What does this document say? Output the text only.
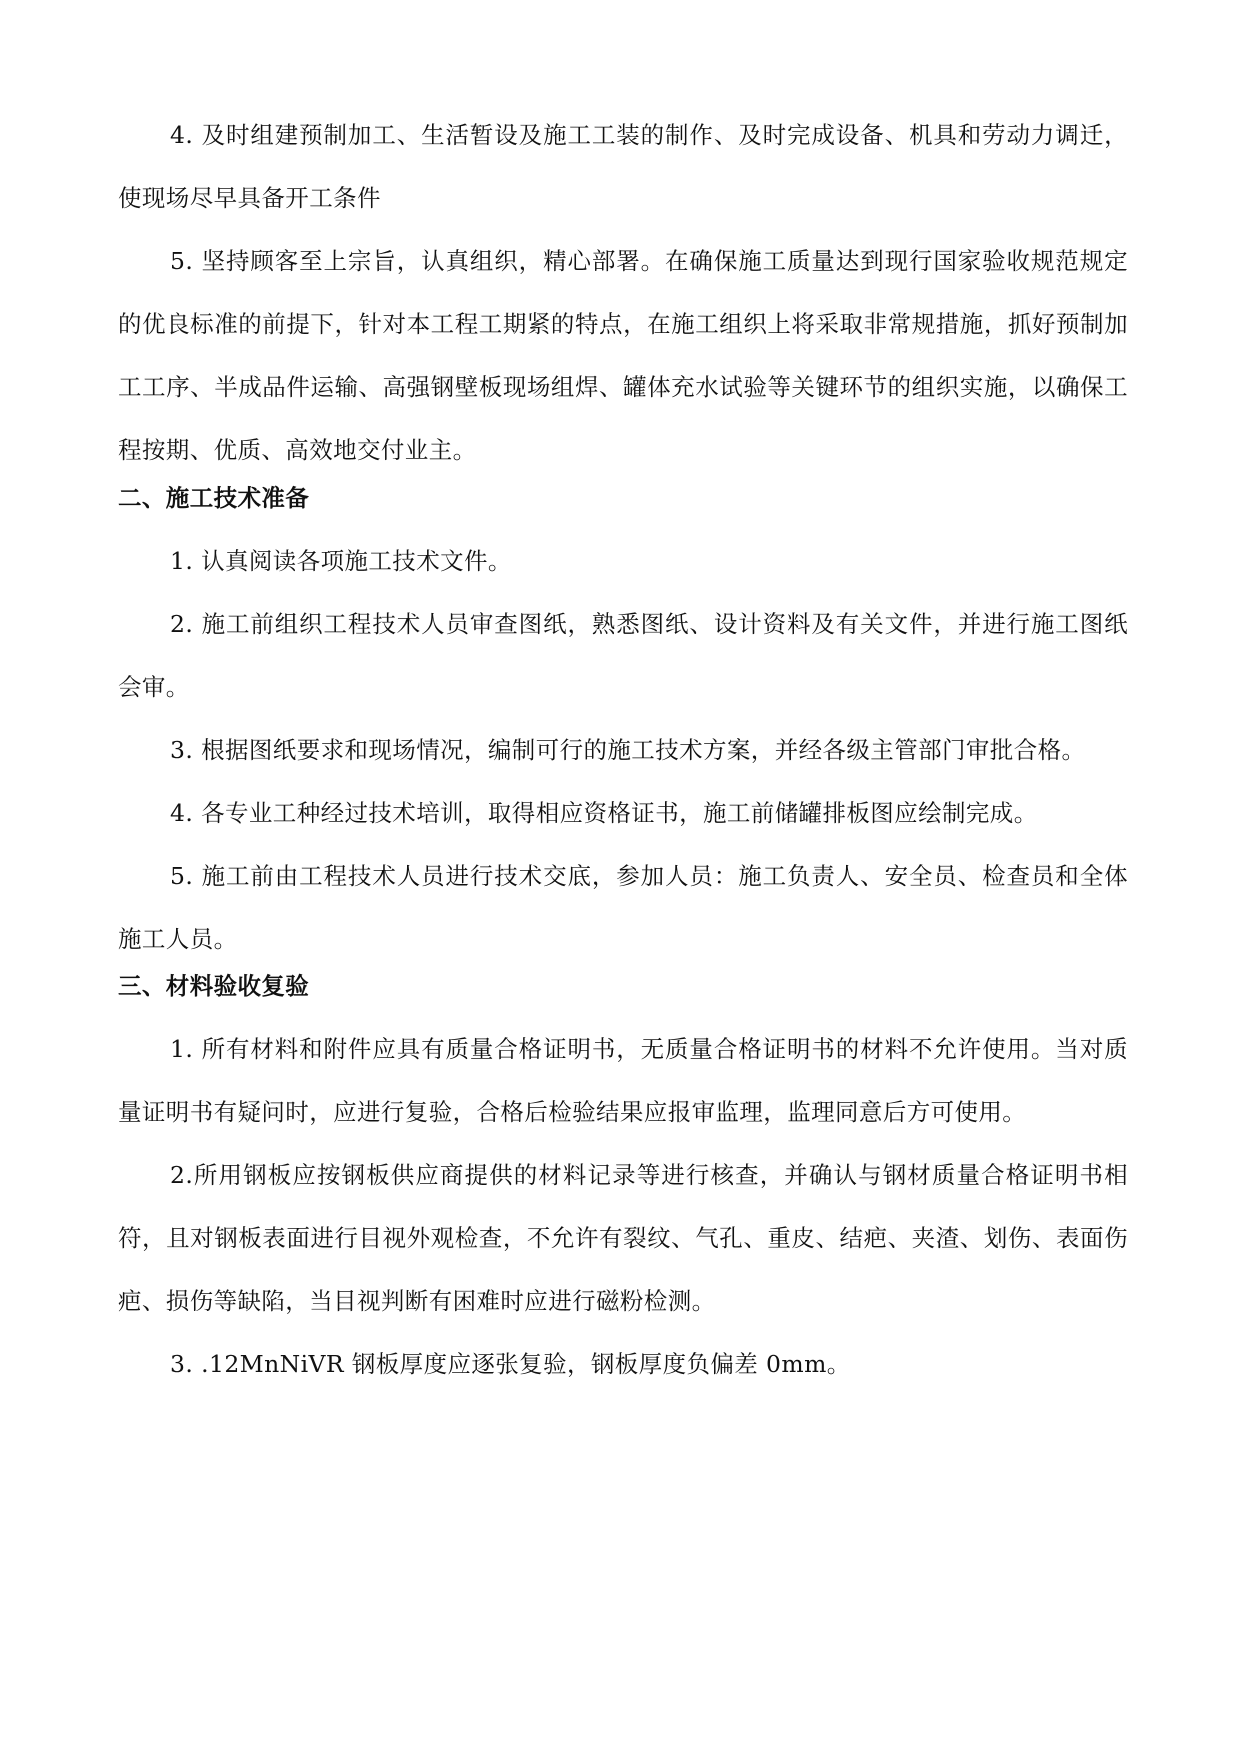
4. 及时组建预制加工、生活暂设及施工工装的制作、及时完成设备、机具和劳动力调迁，使现场尽早具备开工条件

5. 坚持顾客至上宗旨，认真组织，精心部署。在确保施工质量达到现行国家验收规范规定的优良标准的前提下，针对本工程工期紧的特点，在施工组织上将采取非常规措施，抓好预制加工工序、半成品件运输、高强钢壁板现场组焊、罐体充水试验等关键环节的组织实施，以确保工程按期、优质、高效地交付业主。

二、施工技术准备

1. 认真阅读各项施工技术文件。

2. 施工前组织工程技术人员审查图纸，熟悉图纸、设计资料及有关文件，并进行施工图纸会审。

3. 根据图纸要求和现场情况，编制可行的施工技术方案，并经各级主管部门审批合格。

4. 各专业工种经过技术培训，取得相应资格证书，施工前储罐排板图应绘制完成。

5. 施工前由工程技术人员进行技术交底，参加人员：施工负责人、安全员、检查员和全体施工人员。

三、材料验收复验

1. 所有材料和附件应具有质量合格证明书，无质量合格证明书的材料不允许使用。当对质量证明书有疑问时，应进行复验，合格后检验结果应报审监理，监理同意后方可使用。

2.所用钢板应按钢板供应商提供的材料记录等进行核查，并确认与钢材质量合格证明书相符，且对钢板表面进行目视外观检查，不允许有裂纹、气孔、重皮、结疤、夹渣、划伤、表面伤疤、损伤等缺陷，当目视判断有困难时应进行磁粉检测。

3. .12MnNiVR 钢板厚度应逐张复验，钢板厚度负偏差 0mm。
